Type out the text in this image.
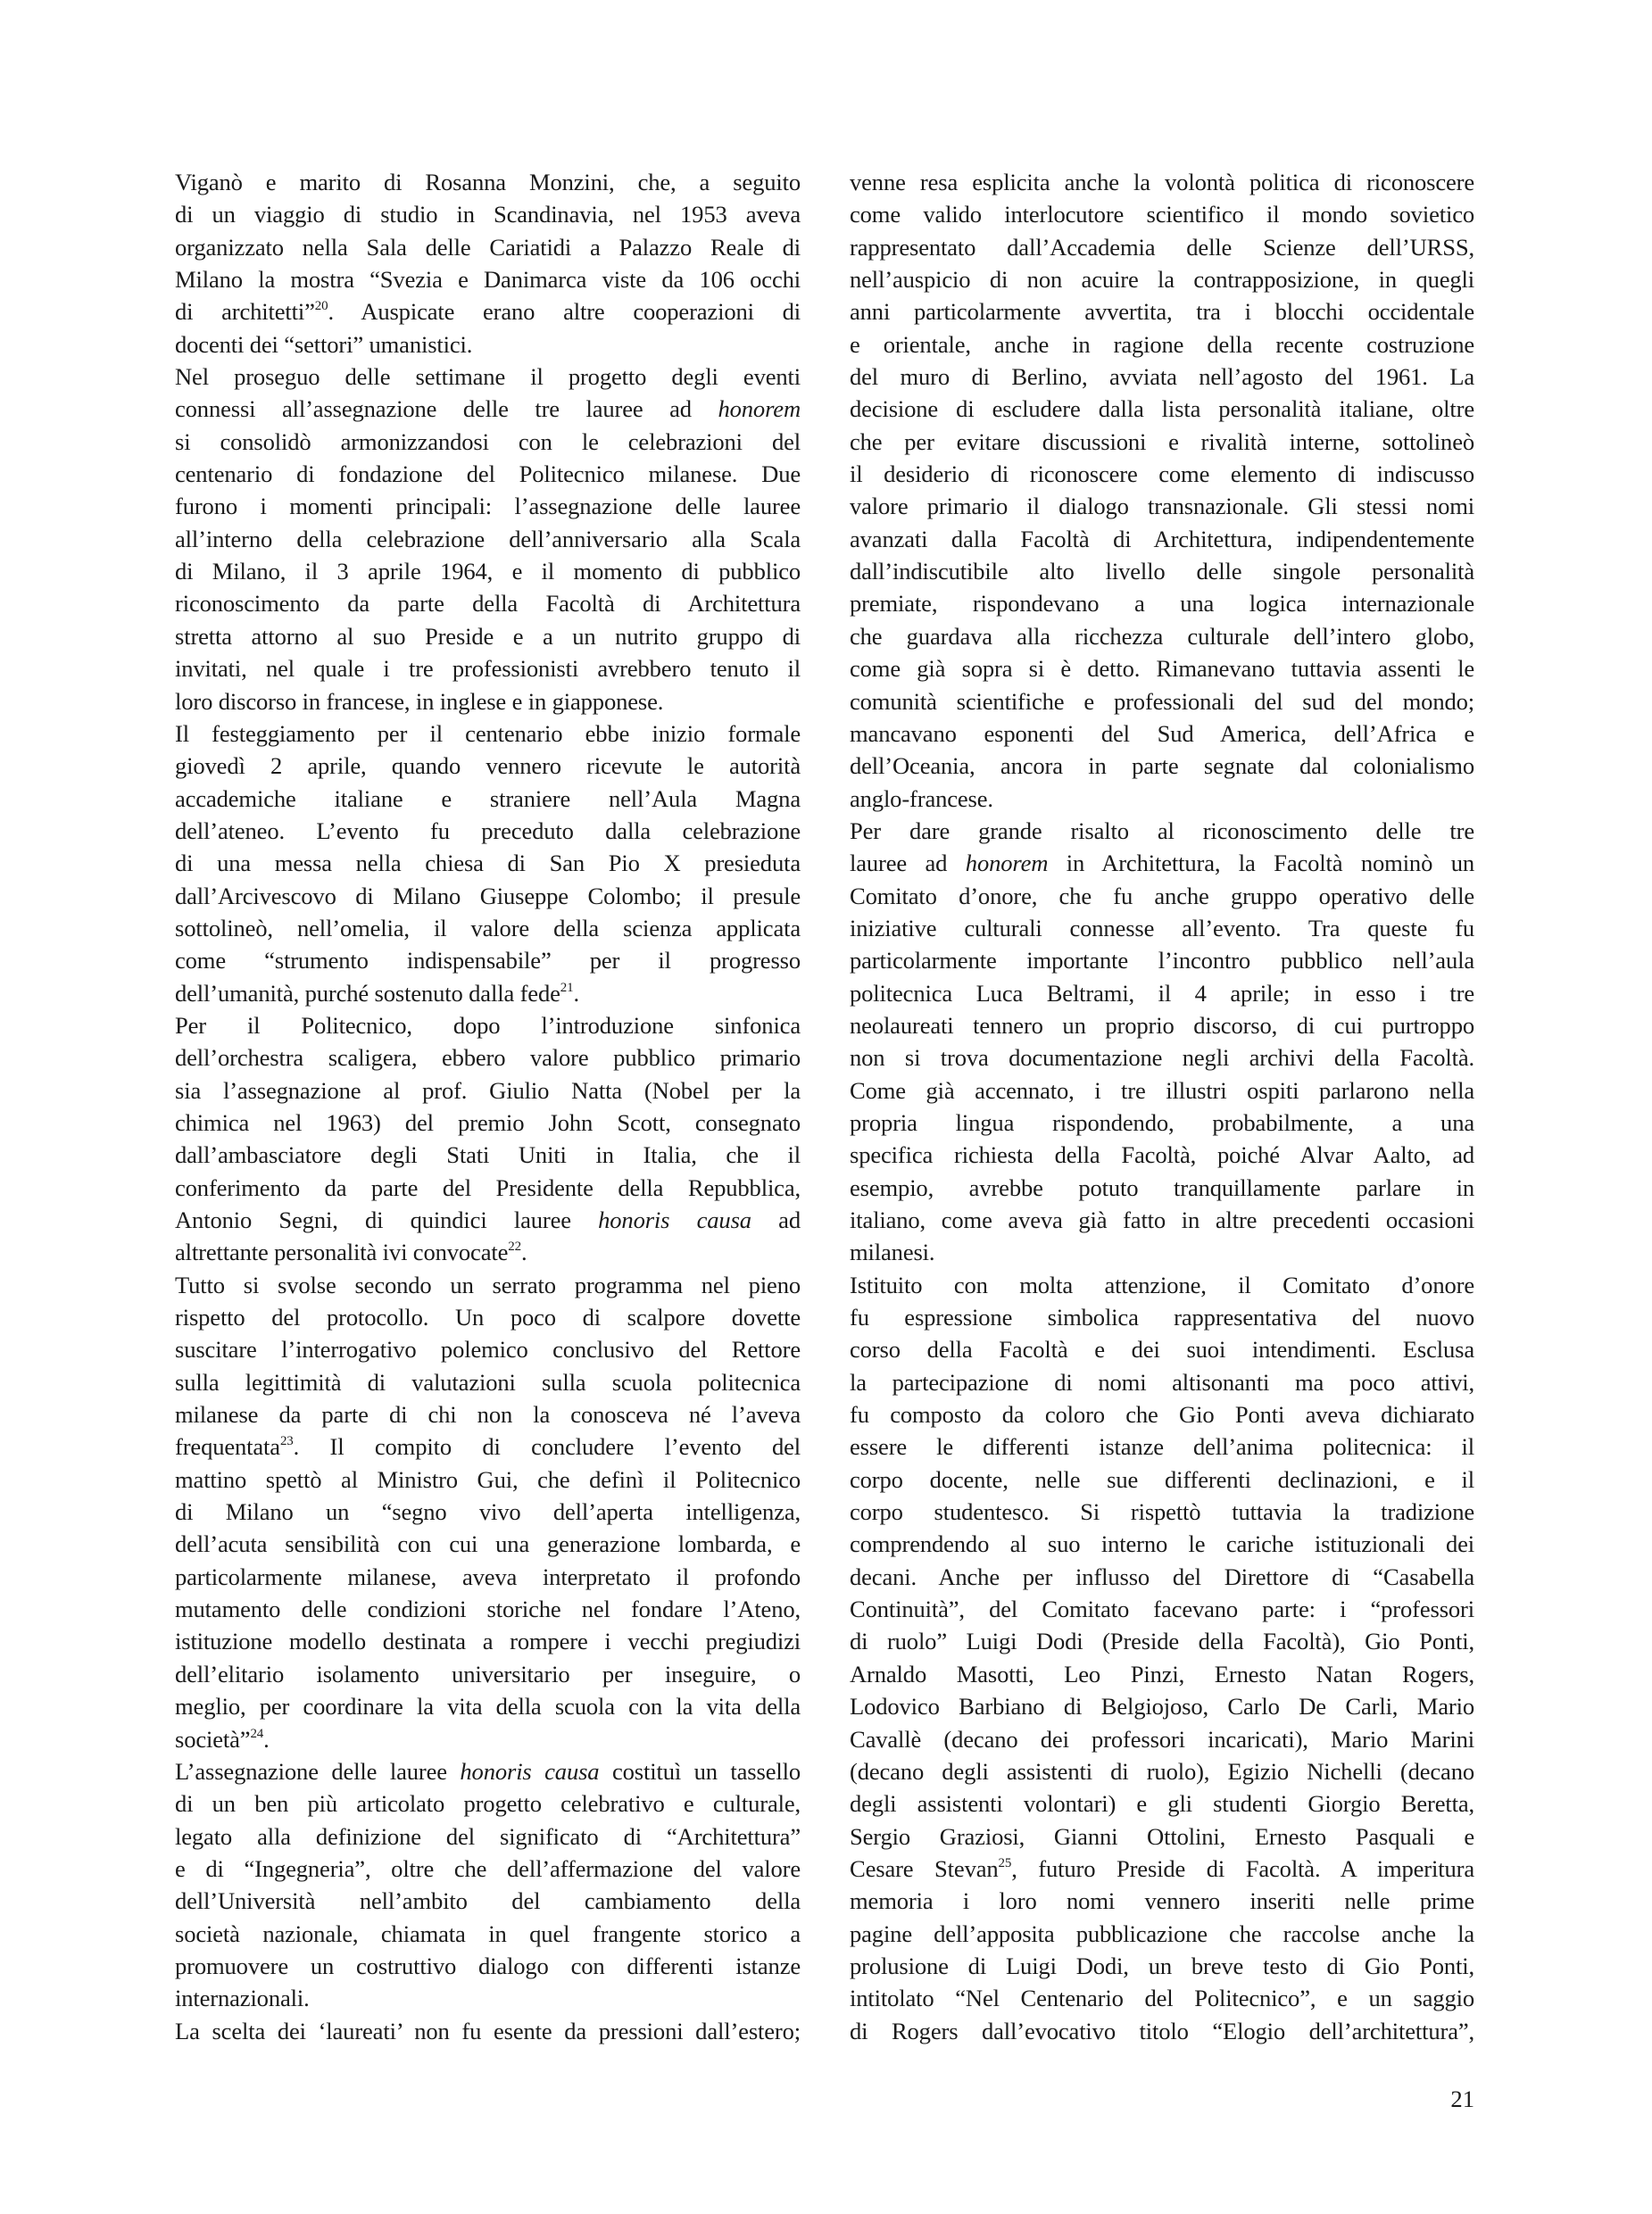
Viganò e marito di Rosanna Monzini, che, a seguito
di un viaggio di studio in Scandinavia, nel 1953 aveva
organizzato nella Sala delle Cariatidi a Palazzo Reale di
Milano la mostra “Svezia e Danimarca viste da 106 occhi
di architetti”$^{20}$. Auspicate erano altre cooperazioni di
docenti dei “settori” umanistici.
Nel proseguo delle settimane il progetto degli eventi
connessi all’assegnazione delle tre lauree ad honorem
si consolidò armonizzandosi con le celebrazioni del
centenario di fondazione del Politecnico milanese. Due
furono i momenti principali: l’assegnazione delle lauree
all’interno della celebrazione dell’anniversario alla Scala
di Milano, il 3 aprile 1964, e il momento di pubblico
riconoscimento da parte della Facoltà di Architettura
stretta attorno al suo Preside e a un nutrito gruppo di
invitati, nel quale i tre professionisti avrebbero tenuto il
loro discorso in francese, in inglese e in giapponese.
Il festeggiamento per il centenario ebbe inizio formale
giovedì 2 aprile, quando vennero ricevute le autorità
accademiche italiane e straniere nell’Aula Magna
dell’ateneo. L’evento fu preceduto dalla celebrazione
di una messa nella chiesa di San Pio X presieduta
dall’Arcivescovo di Milano Giuseppe Colombo; il presule
sottolineò, nell’omelia, il valore della scienza applicata
come “strumento indispensabile” per il progresso
dell’umanità, purché sostenuto dalla fede$^{21}$.
Per il Politecnico, dopo l’introduzione sinfonica
dell’orchestra scaligera, ebbero valore pubblico primario
sia l’assegnazione al prof. Giulio Natta (Nobel per la
chimica nel 1963) del premio John Scott, consegnato
dall’ambasciatore degli Stati Uniti in Italia, che il
conferimento da parte del Presidente della Repubblica,
Antonio Segni, di quindici lauree honoris causa ad
altrettante personalità ivi convocate$^{22}$.
Tutto si svolse secondo un serrato programma nel pieno
rispetto del protocollo. Un poco di scalpore dovette
suscitare l’interrogativo polemico conclusivo del Rettore
sulla legittimità di valutazioni sulla scuola politecnica
milanese da parte di chi non la conosceva né l’aveva
frequentata$^{23}$. Il compito di concludere l’evento del
mattino spettò al Ministro Gui, che definì il Politecnico
di Milano un “segno vivo dell’aperta intelligenza,
dell’acuta sensibilità con cui una generazione lombarda, e
particolarmente milanese, aveva interpretato il profondo
mutamento delle condizioni storiche nel fondare l’Ateno,
istituzione modello destinata a rompere i vecchi pregiudizi
dell’elitario isolamento universitario per inseguire, o
meglio, per coordinare la vita della scuola con la vita della
società”$^{24}$.
L’assegnazione delle lauree honoris causa costituì un tassello
di un ben più articolato progetto celebrativo e culturale,
legato alla definizione del significato di “Architettura”
e di “Ingegneria”, oltre che dell’affermazione del valore
dell’Università nell’ambito del cambiamento della
società nazionale, chiamata in quel frangente storico a
promuovere un costruttivo dialogo con differenti istanze
internazionali.
La scelta dei ‘laureati’ non fu esente da pressioni dall’estero;
venne resa esplicita anche la volontà politica di riconoscere
come valido interlocutore scientifico il mondo sovietico
rappresentato dall’Accademia delle Scienze dell’URSS,
nell’auspicio di non acuire la contrapposizione, in quegli
anni particolarmente avvertita, tra i blocchi occidentale
e orientale, anche in ragione della recente costruzione
del muro di Berlino, avviata nell’agosto del 1961. La
decisione di escludere dalla lista personalità italiane, oltre
che per evitare discussioni e rivalità interne, sottolineò
il desiderio di riconoscere come elemento di indiscusso
valore primario il dialogo transnazionale. Gli stessi nomi
avanzati dalla Facoltà di Architettura, indipendentemente
dall’indiscutibile alto livello delle singole personalità
premiate, rispondevano a una logica internazionale
che guardava alla ricchezza culturale dell’intero globo,
come già sopra si è detto. Rimanevano tuttavia assenti le
comunità scientifiche e professionali del sud del mondo;
mancavano esponenti del Sud America, dell’Africa e
dell’Oceania, ancora in parte segnate dal colonialismo
anglo-francese.
Per dare grande risalto al riconoscimento delle tre
lauree ad honorem in Architettura, la Facoltà nominò un
Comitato d’onore, che fu anche gruppo operativo delle
iniziative culturali connesse all’evento. Tra queste fu
particolarmente importante l’incontro pubblico nell’aula
politecnica Luca Beltrami, il 4 aprile; in esso i tre
neolaureati tennero un proprio discorso, di cui purtroppo
non si trova documentazione negli archivi della Facoltà.
Come già accennato, i tre illustri ospiti parlarono nella
propria lingua rispondendo, probabilmente, a una
specifica richiesta della Facoltà, poiché Alvar Aalto, ad
esempio, avrebbe potuto tranquillamente parlare in
italiano, come aveva già fatto in altre precedenti occasioni
milanesi.
Istituito con molta attenzione, il Comitato d’onore
fu espressione simbolica rappresentativa del nuovo
corso della Facoltà e dei suoi intendimenti. Esclusa
la partecipazione di nomi altisonanti ma poco attivi,
fu composto da coloro che Gio Ponti aveva dichiarato
essere le differenti istanze dell’anima politecnica: il
corpo docente, nelle sue differenti declinazioni, e il
corpo studentesco. Si rispettò tuttavia la tradizione
comprendendo al suo interno le cariche istituzionali dei
decani. Anche per influsso del Direttore di “Casabella
Continuità”, del Comitato facevano parte: i “professori
di ruolo” Luigi Dodi (Preside della Facoltà), Gio Ponti,
Arnaldo Masotti, Leo Pinzi, Ernesto Natan Rogers,
Lodovico Barbiano di Belgiojoso, Carlo De Carli, Mario
Cavallè (decano dei professori incaricati), Mario Marini
(decano degli assistenti di ruolo), Egizio Nichelli (decano
degli assistenti volontari) e gli studenti Giorgio Beretta,
Sergio Graziosi, Gianni Ottolini, Ernesto Pasquali e
Cesare Stevan$^{25}$, futuro Preside di Facoltà. A imperitura
memoria i loro nomi vennero inseriti nelle prime
pagine dell’apposita pubblicazione che raccolse anche la
prolusione di Luigi Dodi, un breve testo di Gio Ponti,
intitolato “Nel Centenario del Politecnico”, e un saggio
di Rogers dall’evocativo titolo “Elogio dell’architettura”,
21
